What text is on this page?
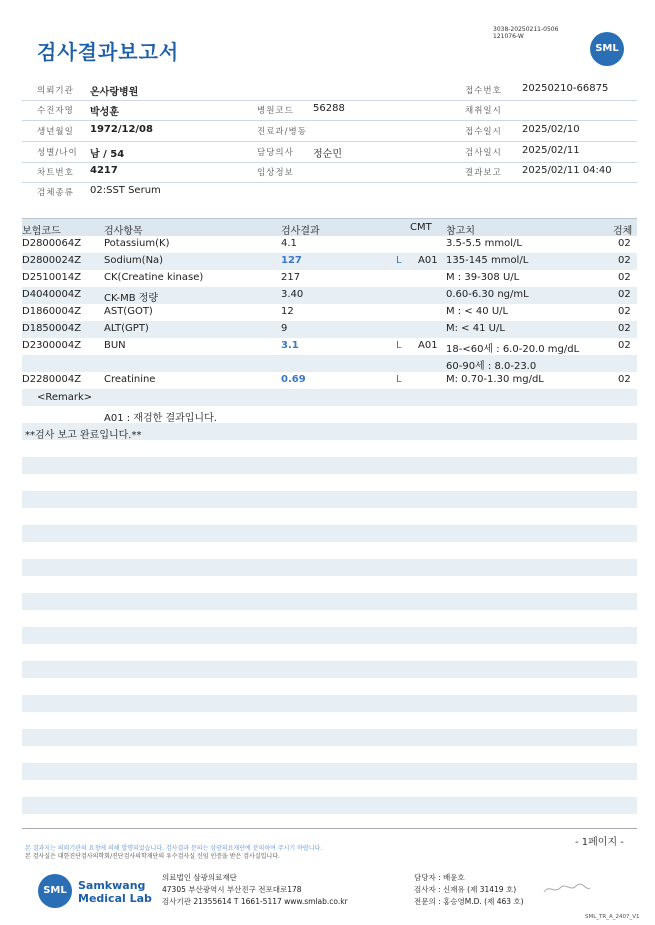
검사결과보고서
3038-20250211-0506
121076-W
SML
의뢰기관 온사랑병원	접수번호 20250210-66875
수진자명 박성훈	병원코드 56288	채취일시
생년월일 1972/12/08	진료과/병동	접수일시 2025/02/10
성별/나이 남 / 54	담당의사 정순민	검사일시 2025/02/11
차트번호 4217	임상정보	결과보고 2025/02/11 04:40
검체종류 02:SST Serum
보험코드	검사항목	검사결과	CMT 참고치	검체
D2800064Z Potassium(K)	4.1	3.5-5.5 mmol/L	02
D2800024Z Sodium(Na)	127	L A01 135-145 mmol/L	02
D2510014Z CK(Creatine kinase)	217	M : 39-308 U/L	02
D4040004Z CK-MB 정량	3.40	0.60-6.30 ng/mL	02
D1860004Z AST(GOT)	12	M : < 40 U/L	02
D1850004Z ALT(GPT)	9	M: < 41 U/L	02
D2300004Z BUN	3.1	L A01 18-<60세 : 6.0-20.0 mg/dL	02
60-90세 : 8.0-23.0
D2280004Z Creatinine	0.69	L	M: 0.70-1.30 mg/dL	02
<Remark>
A01 : 재검한 결과입니다.
**검사 보고 완료입니다.**
본 결과지는 의뢰기관의 요청에 의해 발행되었습니다. 검사결과 문의는 삼광의료재단에 문의하여 주시기 바랍니다.
본 검사실은 대한진단검사의학회/진단검사의학재단의 우수검사실 신임 인증을 받은 검사실입니다.
- 1페이지 -
SML	Samkwang
Medical Lab
의료법인 삼광의료재단
47305 부산광역시 부산진구 전포대로178
검사기관 21355614 T 1661-5117 www.smlab.co.kr
담당자 : 배윤호
검사자 : 신재유 (제 31419 호)
전문의 : 홍승영M.D. (제 463 호)
SML_TR_A_2407_V1
